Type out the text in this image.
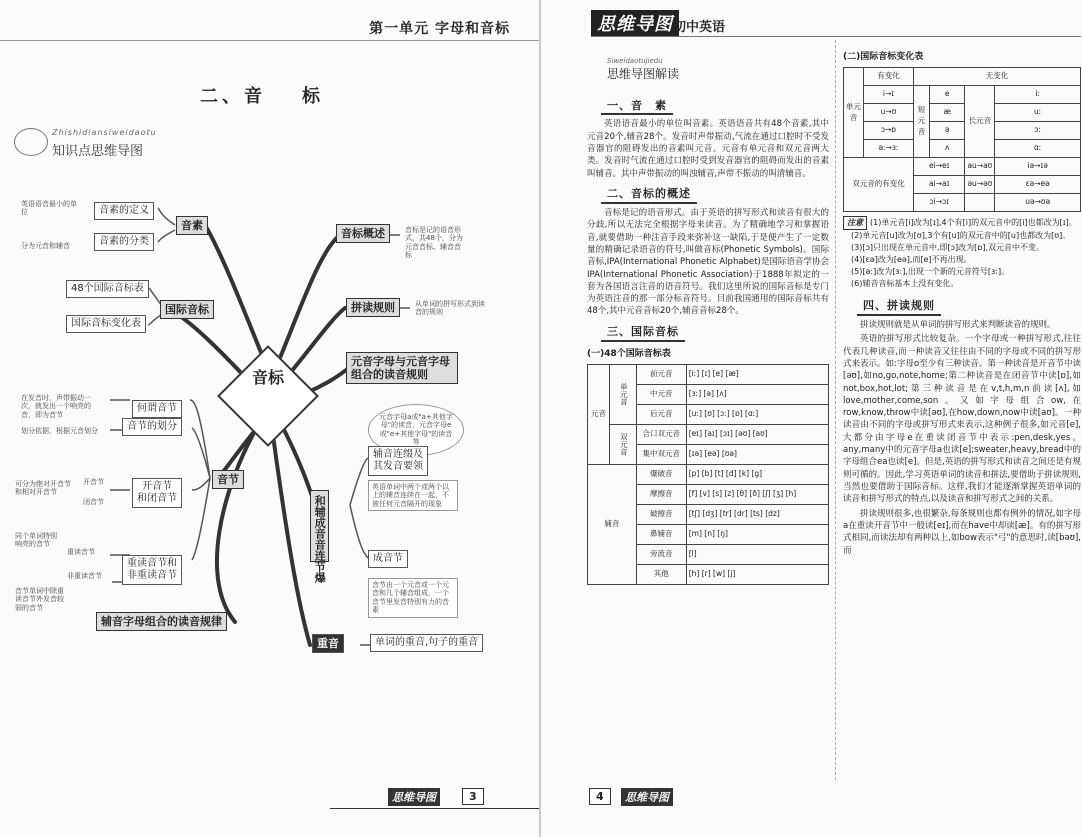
第一单元 字母和音标
二、音 标
Zhishidiansiweidaotu
知识点思维导图
音素的定义
音素的分类
英语语音最小的单位
分为元音和辅音
音素
48个国际音标表
国际音标变化表
国际音标
何谓音节
在发音时，声带振动一次，就发出一个响亮的音，即为音节
音节的划分
划分依据，根据元音划分
开音节
和闭音节
开音节
闭音节
可分为绝对开音节和相对开音节
音节
重读音节和
非重读音节
重读音节
非重读音节
同个单词特别响亮的音节
音节单词中除重读音节外发音较弱的音节
辅音字母组合的读音规律
音标
音标概述	音标是记的语音形式，共48个，分为元音音标、辅音音标
拼读规则	从单词的拼写形式到读音的规则
元音字母与元音字母组合的读音规则
元音字母a或"a+其他字母"的读音，元音字母e或"e+其他字母"的读音等
和辅成音音连节爆
辅音连缀及
其发音要领
英语单词中两个或两个以上的辅音连续在一起，不被任何元音隔开的现象
成音节
音节由一个元音或一个元音和几个辅音组成，一个音节里发音特别有力的音素
重音	单词的重音,句子的重音
思维导图	3
思维导图 初中英语
Siweidaotujiedu
思维导图解读
一、音　素
英语语音最小的单位叫音素。英语语音共有48个音素,其中元音20个,辅音28个。发音时声带振动,气流在通过口腔时不受发音器官的阻碍发出的音素叫元音。元音有单元音和双元音两大类。发音时气流在通过口腔时受到发音器官的阻碍而发出的音素叫辅音。其中声带振动的叫浊辅音,声带不振动的叫清辅音。
二、音标的概述
音标是记的语音形式。由于英语的拼写形式和读音有很大的分歧,所以无法完全根据字母来读音。为了精确地学习和掌握语音,就要借助一种注音手段来弥补这一缺陷,于是便产生了一定数量的精确记录语音的符号,叫做音标(Phonetic Symbols)。国际音标,IPA(International Phonetic Alphabet)是国际语音学协会IPA(International Phonetic Association)于1888年拟定的一套为各国语言注音的语音符号。我们这里所说的国际音标是专门为英语注音的那一部分标音符号。目前我国通用的国际音标共有48个,其中元音音标20个,辅音音标28个。
三、国际音标
(一)48个国际音标表
元音	单元音	前元音	[iː] [ɪ] [e] [æ]
		中元音	[ɜː] [ə] [ʌ]
		后元音	[uː] [ʊ] [ɔː] [ɒ] [ɑː]
	双元音	合口双元音	[eɪ] [aɪ] [ɔɪ] [əʊ] [aʊ]
		集中双元音	[ɪə] [eə] [ʊə]
辅音		爆破音	[p] [b] [t] [d] [k] [g]
		摩擦音	[f] [v] [s] [z] [θ] [ð] [ʃ] [ʒ] [h]
		破擦音	[tʃ] [dʒ] [tr] [dr] [ts] [dz]
		鼻辅音	[m] [n] [ŋ]
		旁流音	[l]
		其他	[h] [r] [w] [j]
(二)国际音标变化表
单元音	有变化	无变化			
	i→ɪ	短元音	e	长元音	iː
	u→ʊ		æ		uː
	ɔ→ɒ		ə		ɔː
	əː→ɜː		ʌ		ɑː
双元音的有变化		ei→eɪ		au→aʊ	iə→ɪə
		ai→aɪ		əu→əʊ	ɛə→eə
		ɔi→ɔɪ			uə→ʊə
注意 (1)单元音[i]改为[ɪ],4个有[i]的双元音中的[i]也都改为[ɪ]。
(2)单元音[u]改为[ʊ],3个有[u]的双元音中的[u]也都改为[ʊ]。
(3)[ɔ]只出现在单元音中,即[ɔ]改为[ɒ],双元音中不变。
(4)[ɛə]改为[eə],而[e]不再出现。
(5)[əː]改为[ɜː],出现一个新的元音符号[ɜː]。
(6)辅音音标基本上没有变化。
四、拼读规则
拼读规则就是从单词的拼写形式来判断读音的规则。
英语的拼写形式比较复杂。一个字母或一种拼写形式,往往代表几种读音,而一种读音又往往由不同的字母或不同的拼写形式来表示。如:字母o至少有三种读音。第一种读音是开音节中读[əʊ],如no,go,note,home;第二种读音是在闭音节中读[ɒ],如not,box,hot,lot;第三种读音是在v,t,h,m,n前读[ʌ],如love,mother,come,son。又如字母组合ow,在row,know,throw中读[əʊ],在how,down,now中读[aʊ]。一种读音由不同的字母或拼写形式来表示,这种例子很多,如元音[e],大都分由字母e在重读闭音节中表示:pen,desk,yes。any,many中的元音字母a也读[e];sweater,heavy,bread中的字母组合ea也读[e]。但是,英语的拼写形式和读音之间还是有规则可循的。因此,学习英语单词的读音和拼法,要借助于拼读规则,当然也要借助于国际音标。这样,我们才能逐渐掌握英语单词的读音和拼写形式的特点,以及读音和拼写形式之间的关系。
拼读规则很多,也很繁杂,每条规则也都有例外的情况,如字母a在重读开音节中一般读[eɪ],而在have中却读[æ]。有的拼写形式相同,而读法却有两种以上,如bow表示"弓"的意思时,读[bəʊ],而
4	思维导图
